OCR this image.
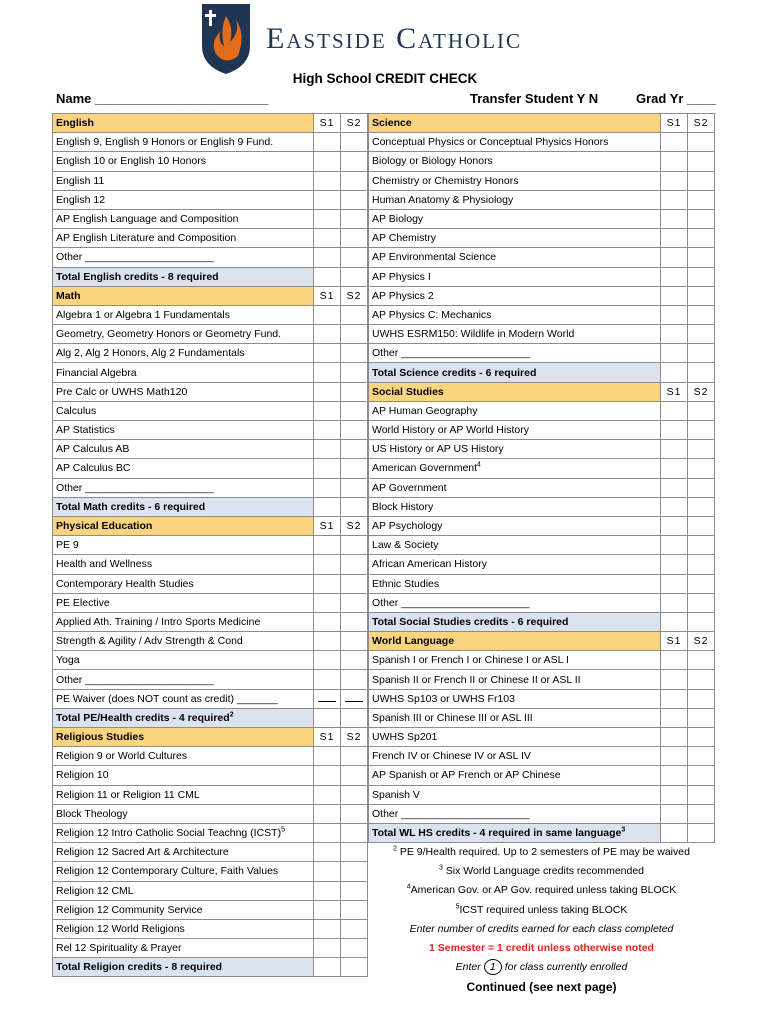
Eastside Catholic
High School CREDIT CHECK
Name ________________________	Transfer Student Y N	Grad Yr ____
English	S1	S2
English 9, English 9 Honors or English 9 Fund.		
English 10 or English 10 Honors		
English 11		
English 12		
AP English Language and Composition		
AP English Literature and Composition		
Other ______________________		
Total English credits - 8 required		
Math	S1	S2
Algebra 1 or Algebra 1 Fundamentals		
Geometry, Geometry Honors or Geometry Fund.		
Alg 2, Alg 2 Honors, Alg 2 Fundamentals		
Financial Algebra		
Pre Calc or UWHS Math120		
Calculus		
AP Statistics		
AP Calculus AB		
AP Calculus BC		
Other ______________________		
Total Math credits - 6 required		
Physical Education	S1	S2
PE 9		
Health and Wellness		
Contemporary Health Studies		
PE Elective		
Applied Ath. Training / Intro Sports Medicine		
Strength & Agility / Adv Strength & Cond		
Yoga		
Other ______________________		
PE Waiver (does NOT count as credit) _______		
Total PE/Health credits - 4 required$^2$		
Religious Studies	S1	S2
Religion 9 or World Cultures		
Religion 10		
Religion 11 or Religion 11 CML		
Block Theology		
Religion 12 Intro Catholic Social Teachng (ICST)$^5$		
Religion 12 Sacred Art & Architecture		
Religion 12 Contemporary Culture, Faith Values		
Religion 12 CML		
Religion 12 Community Service		
Religion 12 World Religions		
Rel 12 Spirituality & Prayer		
Total Religion credits - 8 required		
Science	S1	S2
Conceptual Physics or Conceptual Physics Honors		
Biology or Biology Honors		
Chemistry or Chemistry Honors		
Human Anatomy & Physiology		
AP Biology		
AP Chemistry		
AP Environmental Science		
AP Physics I		
AP Physics 2		
AP Physics C: Mechanics		
UWHS ESRM150: Wildlife in Modern World		
Other ______________________		
Total Science credits - 6 required		
Social Studies	S1	S2
AP Human Geography		
World History or AP World History		
US History or AP US History		
American Government$^4$		
AP Government		
Block History		
AP Psychology		
Law & Society		
African American History		
Ethnic Studies		
Other ______________________		
Total Social Studies credits - 6 required		
World Language	S1	S2
Spanish I or French I or Chinese I or ASL I		
Spanish II or French II or Chinese II or ASL II		
UWHS Sp103 or UWHS Fr103		
Spanish III or Chinese III or ASL III		
UWHS Sp201		
French IV or Chinese IV or ASL IV		
AP Spanish or AP French or AP Chinese		
Spanish V		
Other ______________________		
Total WL HS credits - 4 required in same language$^3$		
$^2$ PE 9/Health required. Up to 2 semesters of PE may be waived
$^3$ Six World Language credits recommended
$^4$American Gov. or AP Gov. required unless taking BLOCK
$^5$ICST required unless taking BLOCK
Enter number of credits earned for each class completed
1 Semester = 1 credit unless otherwise noted
Enter 1 for class currently enrolled
Continued (see next page)
